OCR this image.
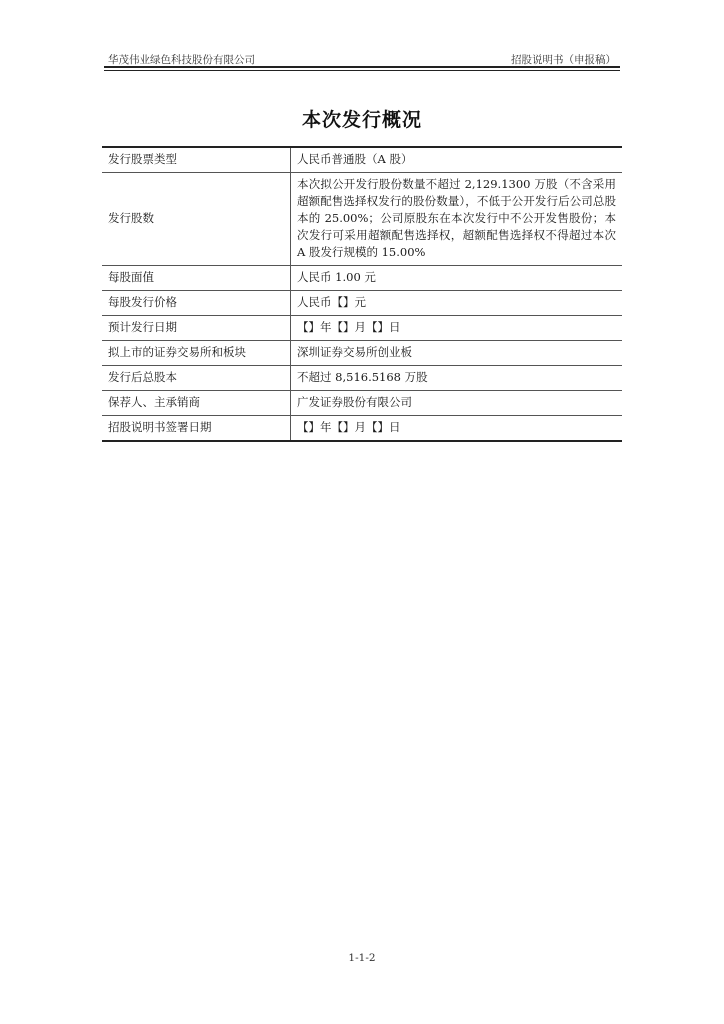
华茂伟业绿色科技股份有限公司	招股说明书（申报稿）
本次发行概况
发行股票类型	人民币普通股（A 股）
发行股数	本次拟公开发行股份数量不超过 2,129.1300 万股（不含采用超额配售选择权发行的股份数量），不低于公开发行后公司总股本的 25.00%；公司原股东在本次发行中不公开发售股份；本次发行可采用超额配售选择权，超额配售选择权不得超过本次 A 股发行规模的 15.00%
每股面值	人民币 1.00 元
每股发行价格	人民币【】元
预计发行日期	【】年【】月【】日
拟上市的证券交易所和板块	深圳证券交易所创业板
发行后总股本	不超过 8,516.5168 万股
保荐人、主承销商	广发证券股份有限公司
招股说明书签署日期	【】年【】月【】日
1-1-2
